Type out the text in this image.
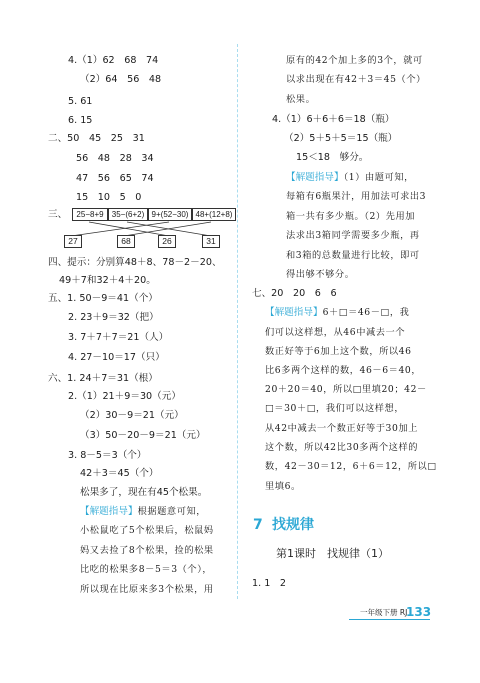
4.（1）62　68　74
（2）64　56　48
5. 61
6. 15
二、50　45　25　31
56　48　28　34
47　56　65　74
15　10　5　0
三、	25−8+9	35−(6+2) 9+(52−30) 48+(12+8)
27	68	26	31
四、提示：分别算48＋8、78－2－20、
49＋7和32＋4＋20。
五、1. 50－9＝41（个）
2. 23＋9＝32（把）
3. 7＋7＋7＝21（人）
4. 27－10＝17（只）
六、1. 24＋7＝31（根）
2.（1）21＋9＝30（元）
（2）30－9＝21（元）
（3）50－20－9＝21（元）
3. 8－5＝3（个）
42＋3＝45（个）
松果多了，现在有45个松果。
【解题指导】根据题意可知，
小松鼠吃了5个松果后，松鼠妈
妈又去捡了8个松果，捡的松果
比吃的松果多8－5＝3（个），
所以现在比原来多3个松果，用
原有的42个加上多的3个，就可
以求出现在有42＋3＝45（个）
松果。
4.（1）6＋6＋6＝18（瓶）
（2）5＋5＋5＝15（瓶）
15＜18　够分。
【解题指导】（1）由题可知，
每箱有6瓶果汁，用加法可求出3
箱一共有多少瓶。（2）先用加
法求出3箱同学需要多少瓶，再
和3箱的总数量进行比较，即可
得出够不够分。
七、20　20　6　6
【解题指导】6＋□＝46－□，我
们可以这样想，从46中减去一个
数正好等于6加上这个数，所以46
比6多两个这样的数，46－6＝40，
20＋20＝40，所以□里填20；42－
□＝30＋□，我们可以这样想，
从42中减去一个数正好等于30加上
这个数，所以42比30多两个这样的
数，42－30＝12，6＋6＝12，所以□
里填6。
7 找规律
第1课时　找规律（1）
1. 1　2
一年级下册 RJ
133
